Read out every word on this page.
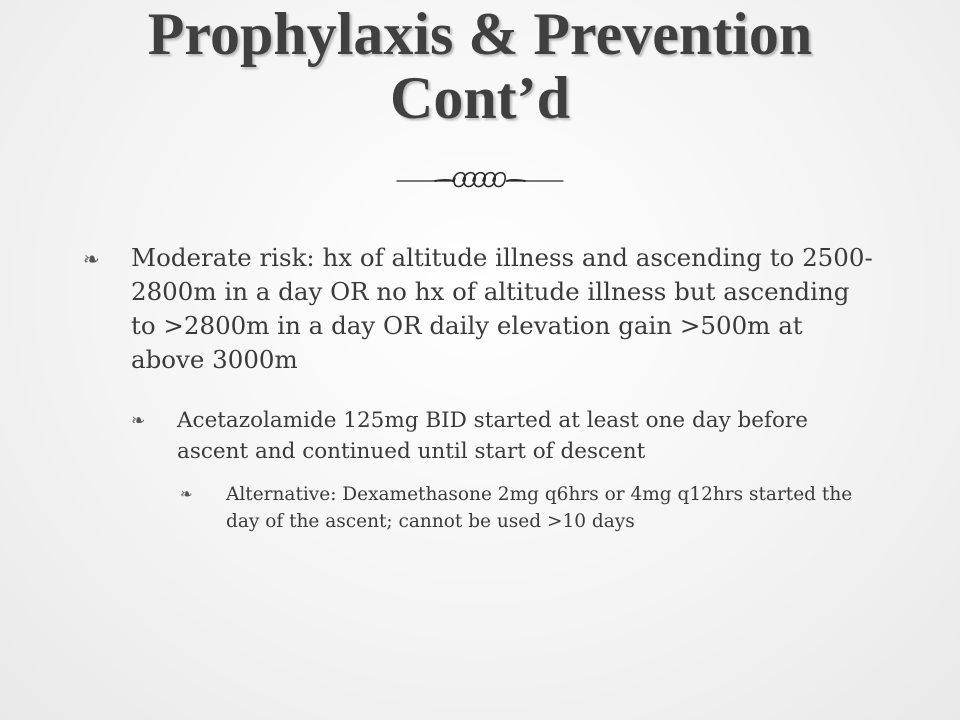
Prophylaxis & Prevention
Cont’d
❧ Moderate risk: hx of altitude illness and ascending to 2500-2800m in a day OR no hx of altitude illness but ascending to >2800m in a day OR daily elevation gain >500m at above 3000m
❧ Acetazolamide 125mg BID started at least one day before ascent and continued until start of descent
❧ Alternative: Dexamethasone 2mg q6hrs or 4mg q12hrs started the day of the ascent; cannot be used >10 days
